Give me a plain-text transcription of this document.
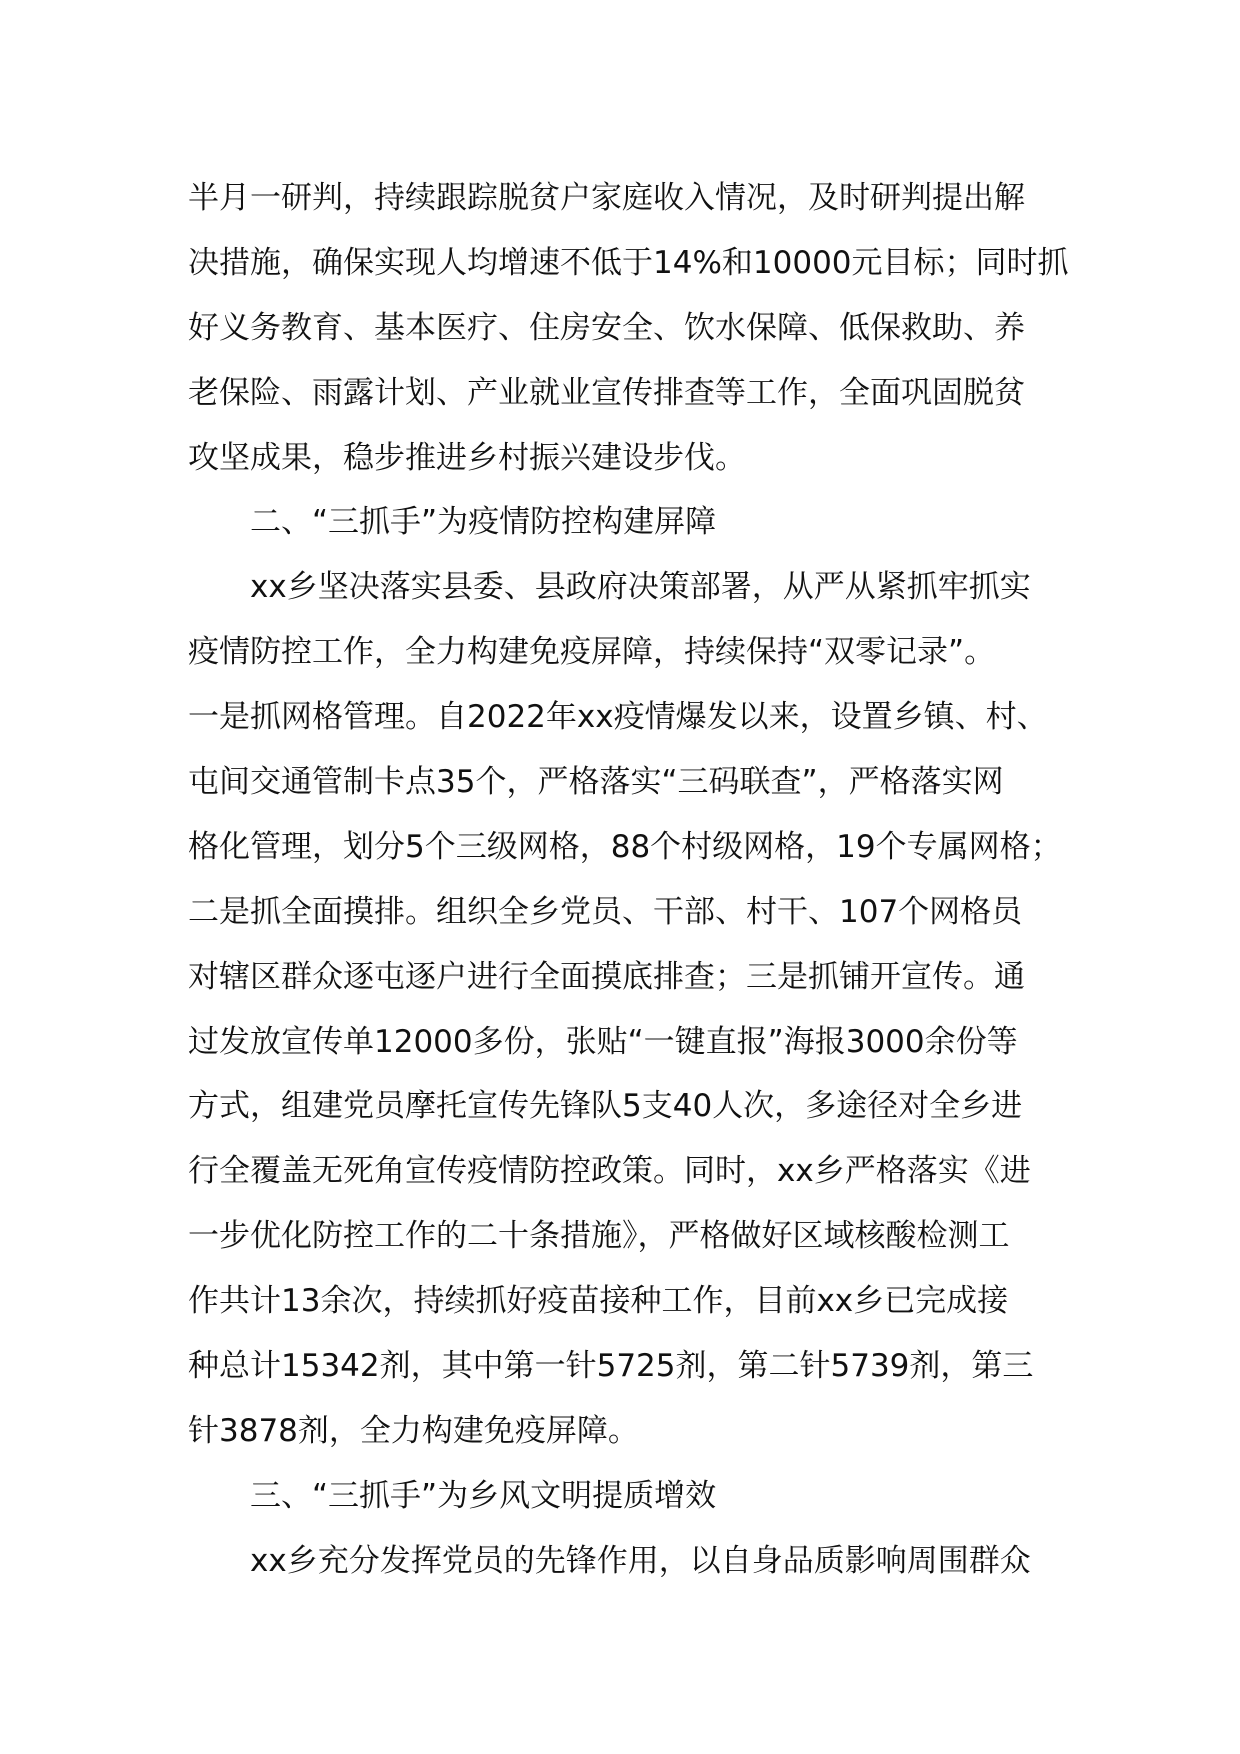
半月一研判，持续跟踪脱贫户家庭收入情况，及时研判提出解
决措施，确保实现人均增速不低于14%和10000元目标；同时抓
好义务教育、基本医疗、住房安全、饮水保障、低保救助、养
老保险、雨露计划、产业就业宣传排查等工作，全面巩固脱贫
攻坚成果，稳步推进乡村振兴建设步伐。
二、“三抓手”为疫情防控构建屏障
xx乡坚决落实县委、县政府决策部署，从严从紧抓牢抓实
疫情防控工作，全力构建免疫屏障，持续保持“双零记录”。
一是抓网格管理。自2022年xx疫情爆发以来，设置乡镇、村、
屯间交通管制卡点35个，严格落实“三码联查”，严格落实网
格化管理，划分5个三级网格，88个村级网格，19个专属网格；
二是抓全面摸排。组织全乡党员、干部、村干、107个网格员
对辖区群众逐屯逐户进行全面摸底排查；三是抓铺开宣传。通
过发放宣传单12000多份，张贴“一键直报”海报3000余份等
方式，组建党员摩托宣传先锋队5支40人次，多途径对全乡进
行全覆盖无死角宣传疫情防控政策。同时，xx乡严格落实《进
一步优化防控工作的二十条措施》，严格做好区域核酸检测工
作共计13余次，持续抓好疫苗接种工作，目前xx乡已完成接
种总计15342剂，其中第一针5725剂，第二针5739剂，第三
针3878剂，全力构建免疫屏障。
三、“三抓手”为乡风文明提质增效
xx乡充分发挥党员的先锋作用，以自身品质影响周围群众
